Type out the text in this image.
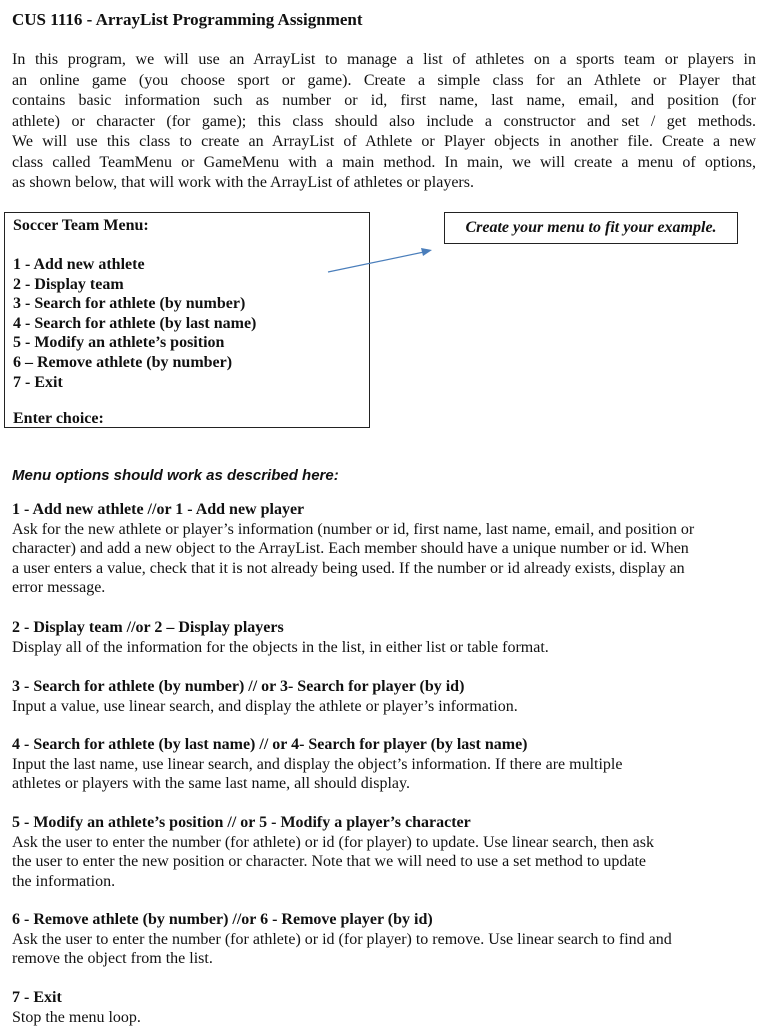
CUS 1116 - ArrayList Programming Assignment

In this program, we will use an ArrayList to manage a list of athletes on a sports team or players in
an online game (you choose sport or game). Create a simple class for an Athlete or Player that
contains basic information such as number or id, first name, last name, email, and position (for
athlete) or character (for game); this class should also include a constructor and set / get methods.
We will use this class to create an ArrayList of Athlete or Player objects in another file. Create a new
class called TeamMenu or GameMenu with a main method. In main, we will create a menu of options,
as shown below, that will work with the ArrayList of athletes or players.

Soccer Team Menu:
1 - Add new athlete
2 - Display team
3 - Search for athlete (by number)
4 - Search for athlete (by last name)
5 - Modify an athlete’s position
6 – Remove athlete (by number)
7 - Exit
Enter choice:
Create your menu to fit your example.
Menu options should work as described here:
1 - Add new athlete //or 1 - Add new player
Ask for the new athlete or player’s information (number or id, first name, last name, email, and position or
character) and add a new object to the ArrayList. Each member should have a unique number or id. When
a user enters a value, check that it is not already being used. If the number or id already exists, display an
error message.
2 - Display team //or 2 – Display players
Display all of the information for the objects in the list, in either list or table format.
3 - Search for athlete (by number) // or 3- Search for player (by id)
Input a value, use linear search, and display the athlete or player’s information.
4 - Search for athlete (by last name) // or 4- Search for player (by last name)
Input the last name, use linear search, and display the object’s information. If there are multiple
athletes or players with the same last name, all should display.
5 - Modify an athlete’s position // or 5 - Modify a player’s character
Ask the user to enter the number (for athlete) or id (for player) to update. Use linear search, then ask
the user to enter the new position or character. Note that we will need to use a set method to update
the information.
6 - Remove athlete (by number) //or 6 - Remove player (by id)
Ask the user to enter the number (for athlete) or id (for player) to remove. Use linear search to find and
remove the object from the list.
7 - Exit
Stop the menu loop.
